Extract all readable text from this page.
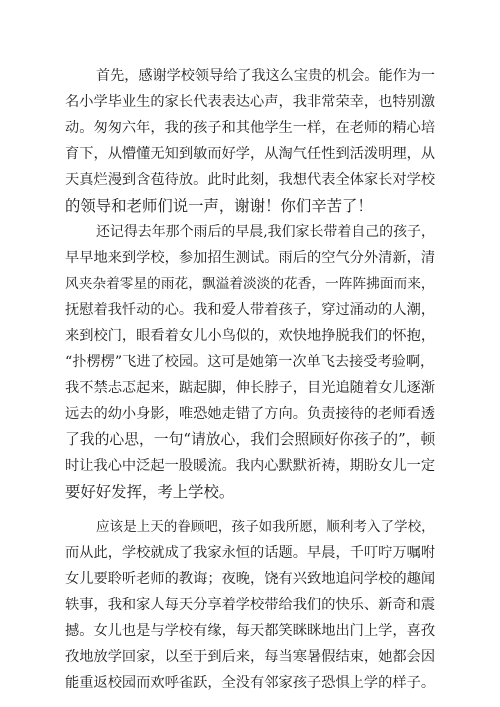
首先，感谢学校领导给了我这么宝贵的机会。能作为一
名小学毕业生的家长代表表达心声，我非常荣幸，也特别激
动。匆匆六年，我的孩子和其他学生一样，在老师的精心培
育下，从懵懂无知到敏而好学，从淘气任性到活泼明理，从
天真烂漫到含苞待放。此时此刻，我想代表全体家长对学校
的领导和老师们说一声，谢谢！你们辛苦了！
还记得去年那个雨后的早晨,我们家长带着自己的孩子，
早早地来到学校，参加招生测试。雨后的空气分外清新，清
风夹杂着零星的雨花，飘溢着淡淡的花香，一阵阵拂面而来，
抚慰着我忏动的心。我和爱人带着孩子，穿过涌动的人潮，
来到校门，眼看着女儿小鸟似的，欢快地挣脱我们的怀抱，
“扑楞楞”飞进了校园。这可是她第一次单飞去接受考验啊，
我不禁忐忑起来，踮起脚，伸长脖子，目光追随着女儿逐渐
远去的幼小身影，唯恐她走错了方向。负责接待的老师看透
了我的心思，一句“请放心，我们会照顾好你孩子的”，顿
时让我心中泛起一股暖流。我内心默默祈祷，期盼女儿一定
要好好发挥，考上学校。
应该是上天的眷顾吧，孩子如我所愿，顺利考入了学校，
而从此，学校就成了我家永恒的话题。早晨，千叮咛万嘱咐
女儿要聆听老师的教诲；夜晚，饶有兴致地追问学校的趣闻
轶事，我和家人每天分享着学校带给我们的快乐、新奇和震
撼。女儿也是与学校有缘，每天都笑眯眯地出门上学，喜孜
孜地放学回家，以至于到后来，每当寒暑假结束，她都会因
能重返校园而欢呼雀跃，全没有邻家孩子恐惧上学的样子。
